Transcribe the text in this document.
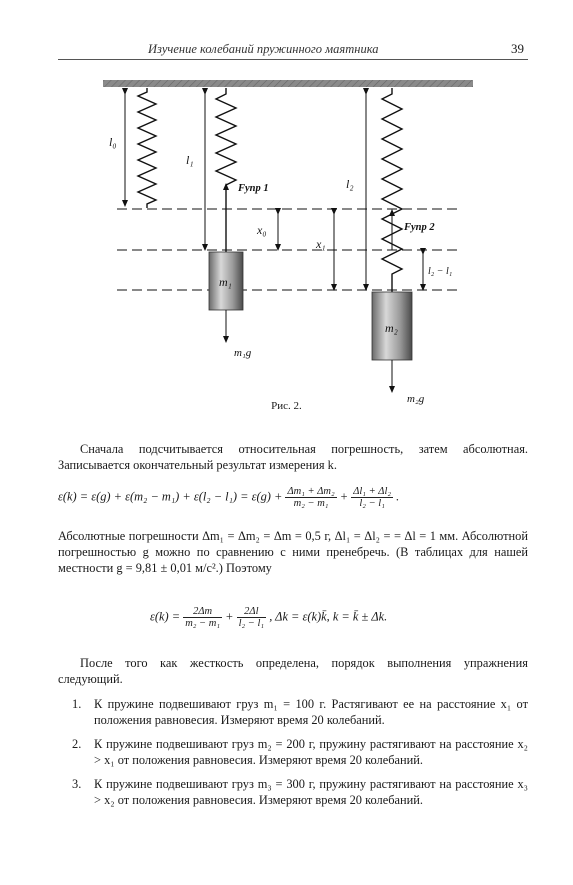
Изучение колебаний пружинного маятника	39
l₀
l₁
l₂
x₀
x₁
l₂ − l₁
Fупр 1
Fупр 2
m₁
m₂
m₁g
m₂g
Рис. 2.
Сначала подсчитывается относительная погрешность, затем абсолютная. Записывается окончательный результат измерения k.
$\varepsilon(k) = \varepsilon(g) + \varepsilon(m_2 - m_1) + \varepsilon(l_2 - l_1) = \varepsilon(g) + \frac{\text{Δm₁ + Δm₂}}{\text{m₂ − m₁}} + \frac{\text{Δl₁ + Δl₂}}{\text{l₂ − l₁}}$ .
Абсолютные погрешности Δm₁ = Δm₂ = Δm = 0,5 г, Δl₁ = Δl₂ = = Δl = 1 мм. Абсолютной погрешностью g можно по сравнению с ними пренебречь. (В таблицах для нашей местности g = 9,81 ± 0,01 м/с².) Поэтому
$\varepsilon(k) = \frac{2\Delta m}{\text{m₂ − m₁}} + \frac{2\Delta l}{\text{l₂ − l₁}}$ , Δk = ε(k)k̄, k = k̄ ± Δk.
После того как жесткость определена, порядок выполнения упражнения следующий.
1. К пружине подвешивают груз m₁ = 100 г. Растягивают ее на расстояние x₁ от положения равновесия. Измеряют время 20 колебаний.
2. К пружине подвешивают груз m₂ = 200 г, пружину растягивают на расстояние x₂ > x₁ от положения равновесия. Измеряют время 20 колебаний.
3. К пружине подвешивают груз m₃ = 300 г, пружину растягивают на расстояние x₃ > x₂ от положения равновесия. Измеряют время 20 колебаний.
